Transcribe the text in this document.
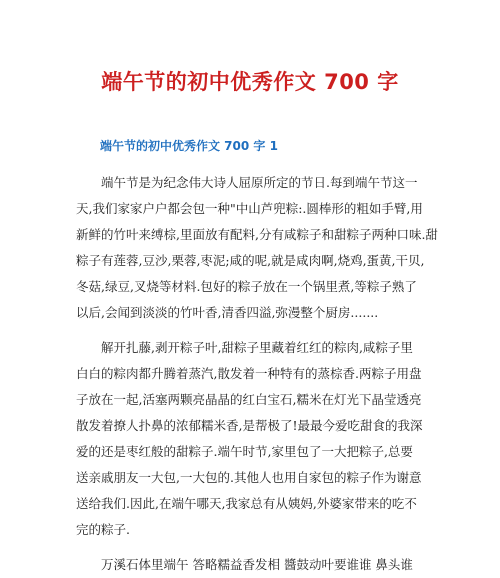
端午节的初中优秀作文 700 字
端午节的初中优秀作文 700 字 1
端午节是为纪念伟大诗人屈原所定的节日.每到端午节这一
天,我们家家户户都会包一种"中山芦兜粽:.圆棒形的粗如手臂,用
新鲜的竹叶来缚棕,里面放有配料,分有咸粽子和甜粽子两种口味.甜
粽子有莲蓉,豆沙,栗蓉,枣泥;咸的呢,就是咸肉啊,烧鸡,蛋黄,干贝,
冬菇,绿豆,叉烧等材料.包好的粽子放在一个锅里煮,等粽子熟了
以后,会闻到淡淡的竹叶香,清香四溢,弥漫整个厨房.......
解开扎藤,剥开粽子叶,甜粽子里藏着红红的粽肉,咸粽子里
白白的粽肉都升腾着蒸汽,散发着一种特有的蒸棕香.两粽子用盘
子放在一起,活塞两颗亮晶晶的红白宝石,糯米在灯光下晶莹透亮
散发着撩人扑鼻的浓郁糯米香,是帮极了!最最今爱吃甜食的我深
爱的还是枣红般的甜粽子.端午时节,家里包了一大把粽子,总要
送亲戚朋友一大包,一大包的.其他人也用自家包的粽子作为谢意
送给我们.因此,在端午哪天,我家总有从姨妈,外婆家带来的吃不
完的粽子.
万溪石体里端午 答略糯益香发相 醬鼓动叶要谁谁 鼻头谁
